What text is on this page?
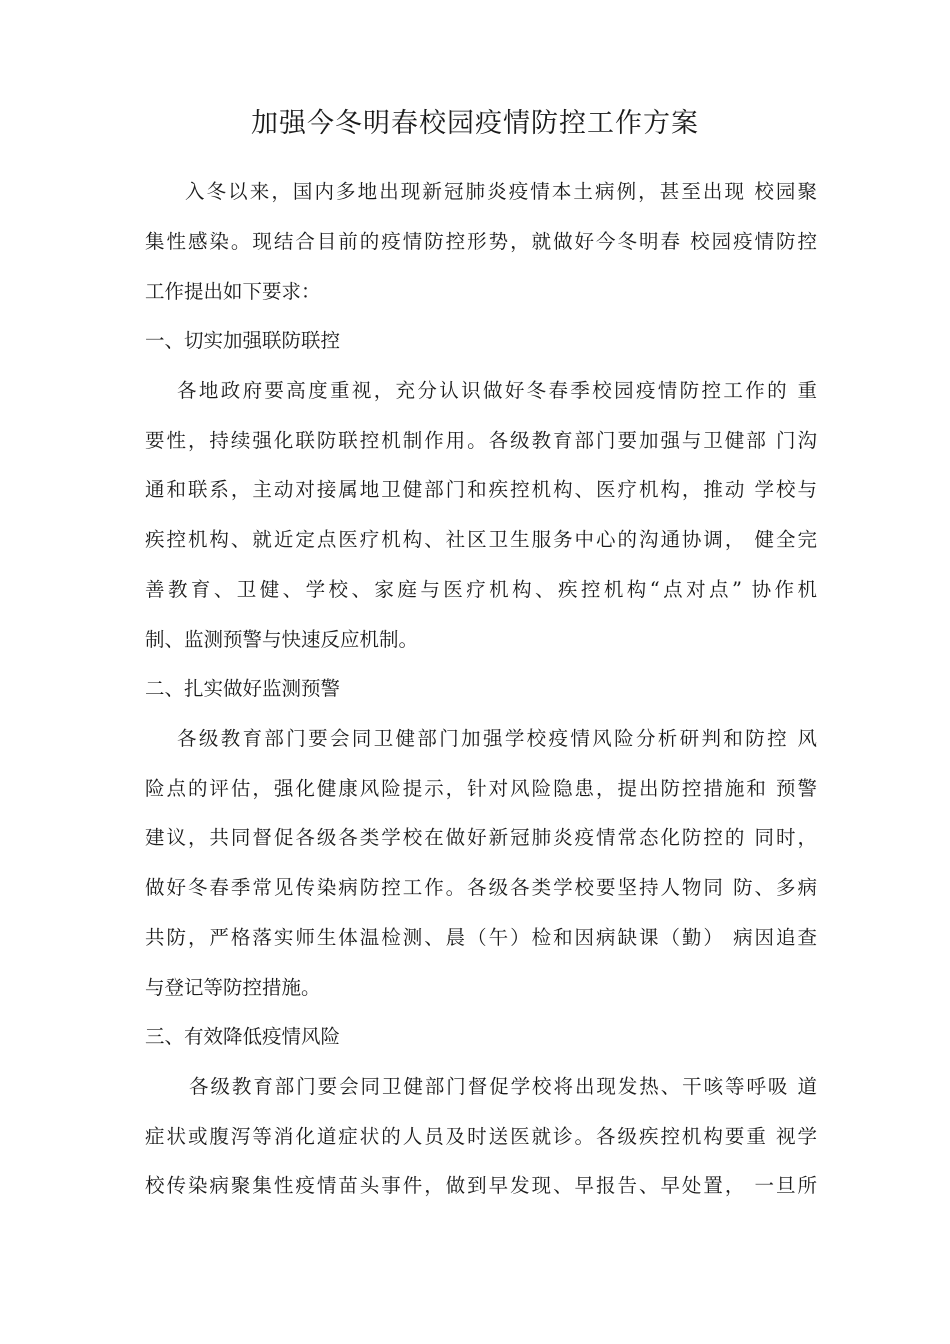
加强今冬明春校园疫情防控工作方案
入冬以来，国内多地出现新冠肺炎疫情本土病例，甚至出现 校园聚
集性感染。现结合目前的疫情防控形势，就做好今冬明春 校园疫情防控
工作提出如下要求：
一、切实加强联防联控
各地政府要高度重视，充分认识做好冬春季校园疫情防控工作的 重
要性，持续强化联防联控机制作用。各级教育部门要加强与卫健部 门沟
通和联系，主动对接属地卫健部门和疾控机构、医疗机构，推动 学校与
疾控机构、就近定点医疗机构、社区卫生服务中心的沟通协调， 健全完
善教育、卫健、学校、家庭与医疗机构、疾控机构“点对点” 协作机
制、监测预警与快速反应机制。
二、扎实做好监测预警
各级教育部门要会同卫健部门加强学校疫情风险分析研判和防控 风
险点的评估，强化健康风险提示，针对风险隐患，提出防控措施和 预警
建议，共同督促各级各类学校在做好新冠肺炎疫情常态化防控的 同时，
做好冬春季常见传染病防控工作。各级各类学校要坚持人物同 防、多病
共防，严格落实师生体温检测、晨（午）检和因病缺课（勤） 病因追查
与登记等防控措施。
三、有效降低疫情风险
各级教育部门要会同卫健部门督促学校将出现发热、干咳等呼吸 道
症状或腹泻等消化道症状的人员及时送医就诊。各级疾控机构要重 视学
校传染病聚集性疫情苗头事件，做到早发现、早报告、早处置， 一旦所
